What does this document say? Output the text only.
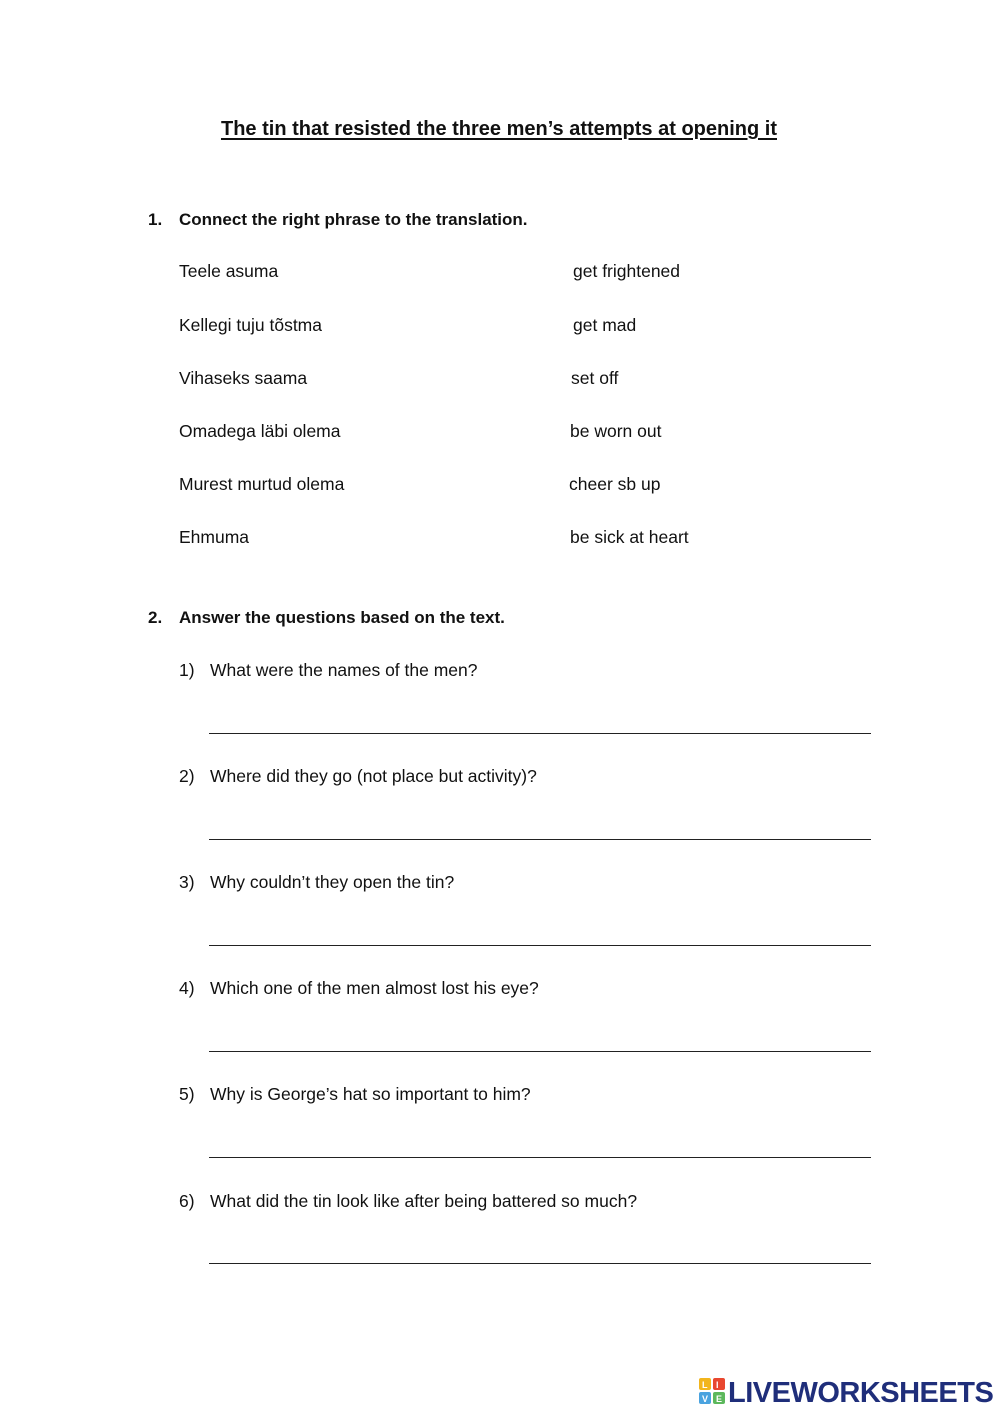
The tin that resisted the three men’s attempts at opening it
1. Connect the right phrase to the translation.
Teele asuma
Kellegi tuju tõstma
Vihaseks saama
Omadega läbi olema
Murest murtud olema
Ehmuma
get frightened
get mad
set off
be worn out
cheer sb up
be sick at heart
2. Answer the questions based on the text.
1) What were the names of the men?
2) Where did they go (not place but activity)?
3) Why couldn’t they open the tin?
4) Which one of the men almost lost his eye?
5) Why is George’s hat so important to him?
6) What did the tin look like after being battered so much?
L I
V E LIVEWORKSHEETS
